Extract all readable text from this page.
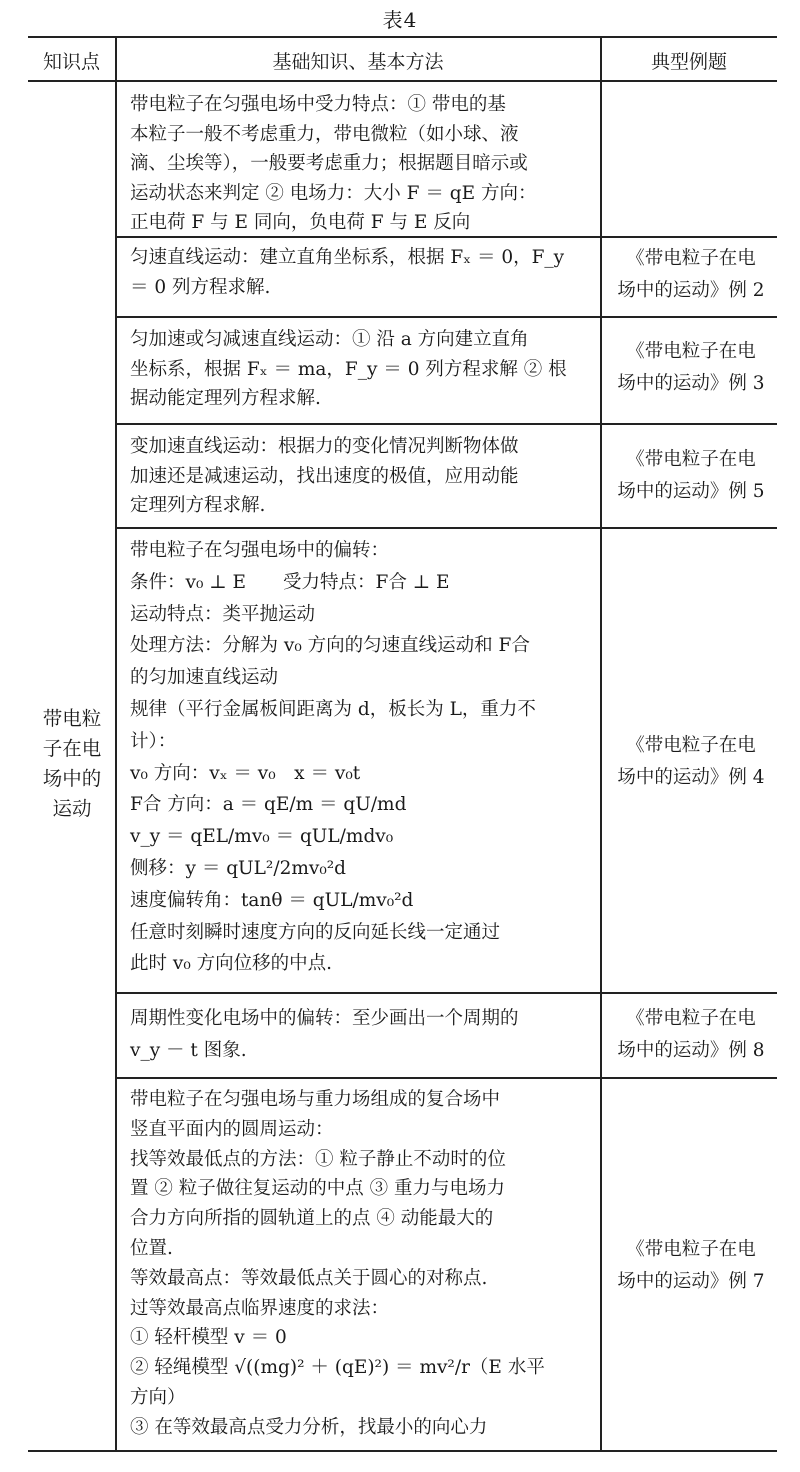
表4
知识点	基础知识、基本方法	典型例题
带电粒
子在电
场中的
运动
带电粒子在匀强电场中受力特点：① 带电的基
本粒子一般不考虑重力，带电微粒（如小球、液
滴、尘埃等），一般要考虑重力；根据题目暗示或
运动状态来判定 ② 电场力：大小 F ＝ qE 方向：
正电荷 F 与 E 同向，负电荷 F 与 E 反向
匀速直线运动：建立直角坐标系，根据 Fₓ ＝ 0，F_y
＝ 0 列方程求解.
《带电粒子在电
场中的运动》例 2
匀加速或匀减速直线运动：① 沿 a 方向建立直角
坐标系，根据 Fₓ ＝ ma，F_y ＝ 0 列方程求解 ② 根
据动能定理列方程求解.
《带电粒子在电
场中的运动》例 3
变加速直线运动：根据力的变化情况判断物体做
加速还是减速运动，找出速度的极值，应用动能
定理列方程求解.
《带电粒子在电
场中的运动》例 5
带电粒子在匀强电场中的偏转：
条件：v₀ ⊥ E　　受力特点：F合 ⊥ E
运动特点：类平抛运动
处理方法：分解为 v₀ 方向的匀速直线运动和 F合
的匀加速直线运动
规律（平行金属板间距离为 d，板长为 L，重力不
计）：
v₀ 方向：vₓ ＝ v₀　x ＝ v₀t
F合 方向：a ＝ qE/m ＝ qU/md
v_y ＝ qEL/mv₀ ＝ qUL/mdv₀
侧移：y ＝ qUL²/2mv₀²d
速度偏转角：tanθ ＝ qUL/mv₀²d
任意时刻瞬时速度方向的反向延长线一定通过
此时 v₀ 方向位移的中点.
《带电粒子在电
场中的运动》例 4
周期性变化电场中的偏转：至少画出一个周期的
v_y － t 图象.
《带电粒子在电
场中的运动》例 8
带电粒子在匀强电场与重力场组成的复合场中
竖直平面内的圆周运动：
找等效最低点的方法：① 粒子静止不动时的位
置 ② 粒子做往复运动的中点 ③ 重力与电场力
合力方向所指的圆轨道上的点 ④ 动能最大的
位置.
等效最高点：等效最低点关于圆心的对称点.
过等效最高点临界速度的求法：
① 轻杆模型 v ＝ 0
② 轻绳模型 √((mg)² ＋ (qE)²) ＝ mv²/r（E 水平
方向）
③ 在等效最高点受力分析，找最小的向心力
《带电粒子在电
场中的运动》例 7
